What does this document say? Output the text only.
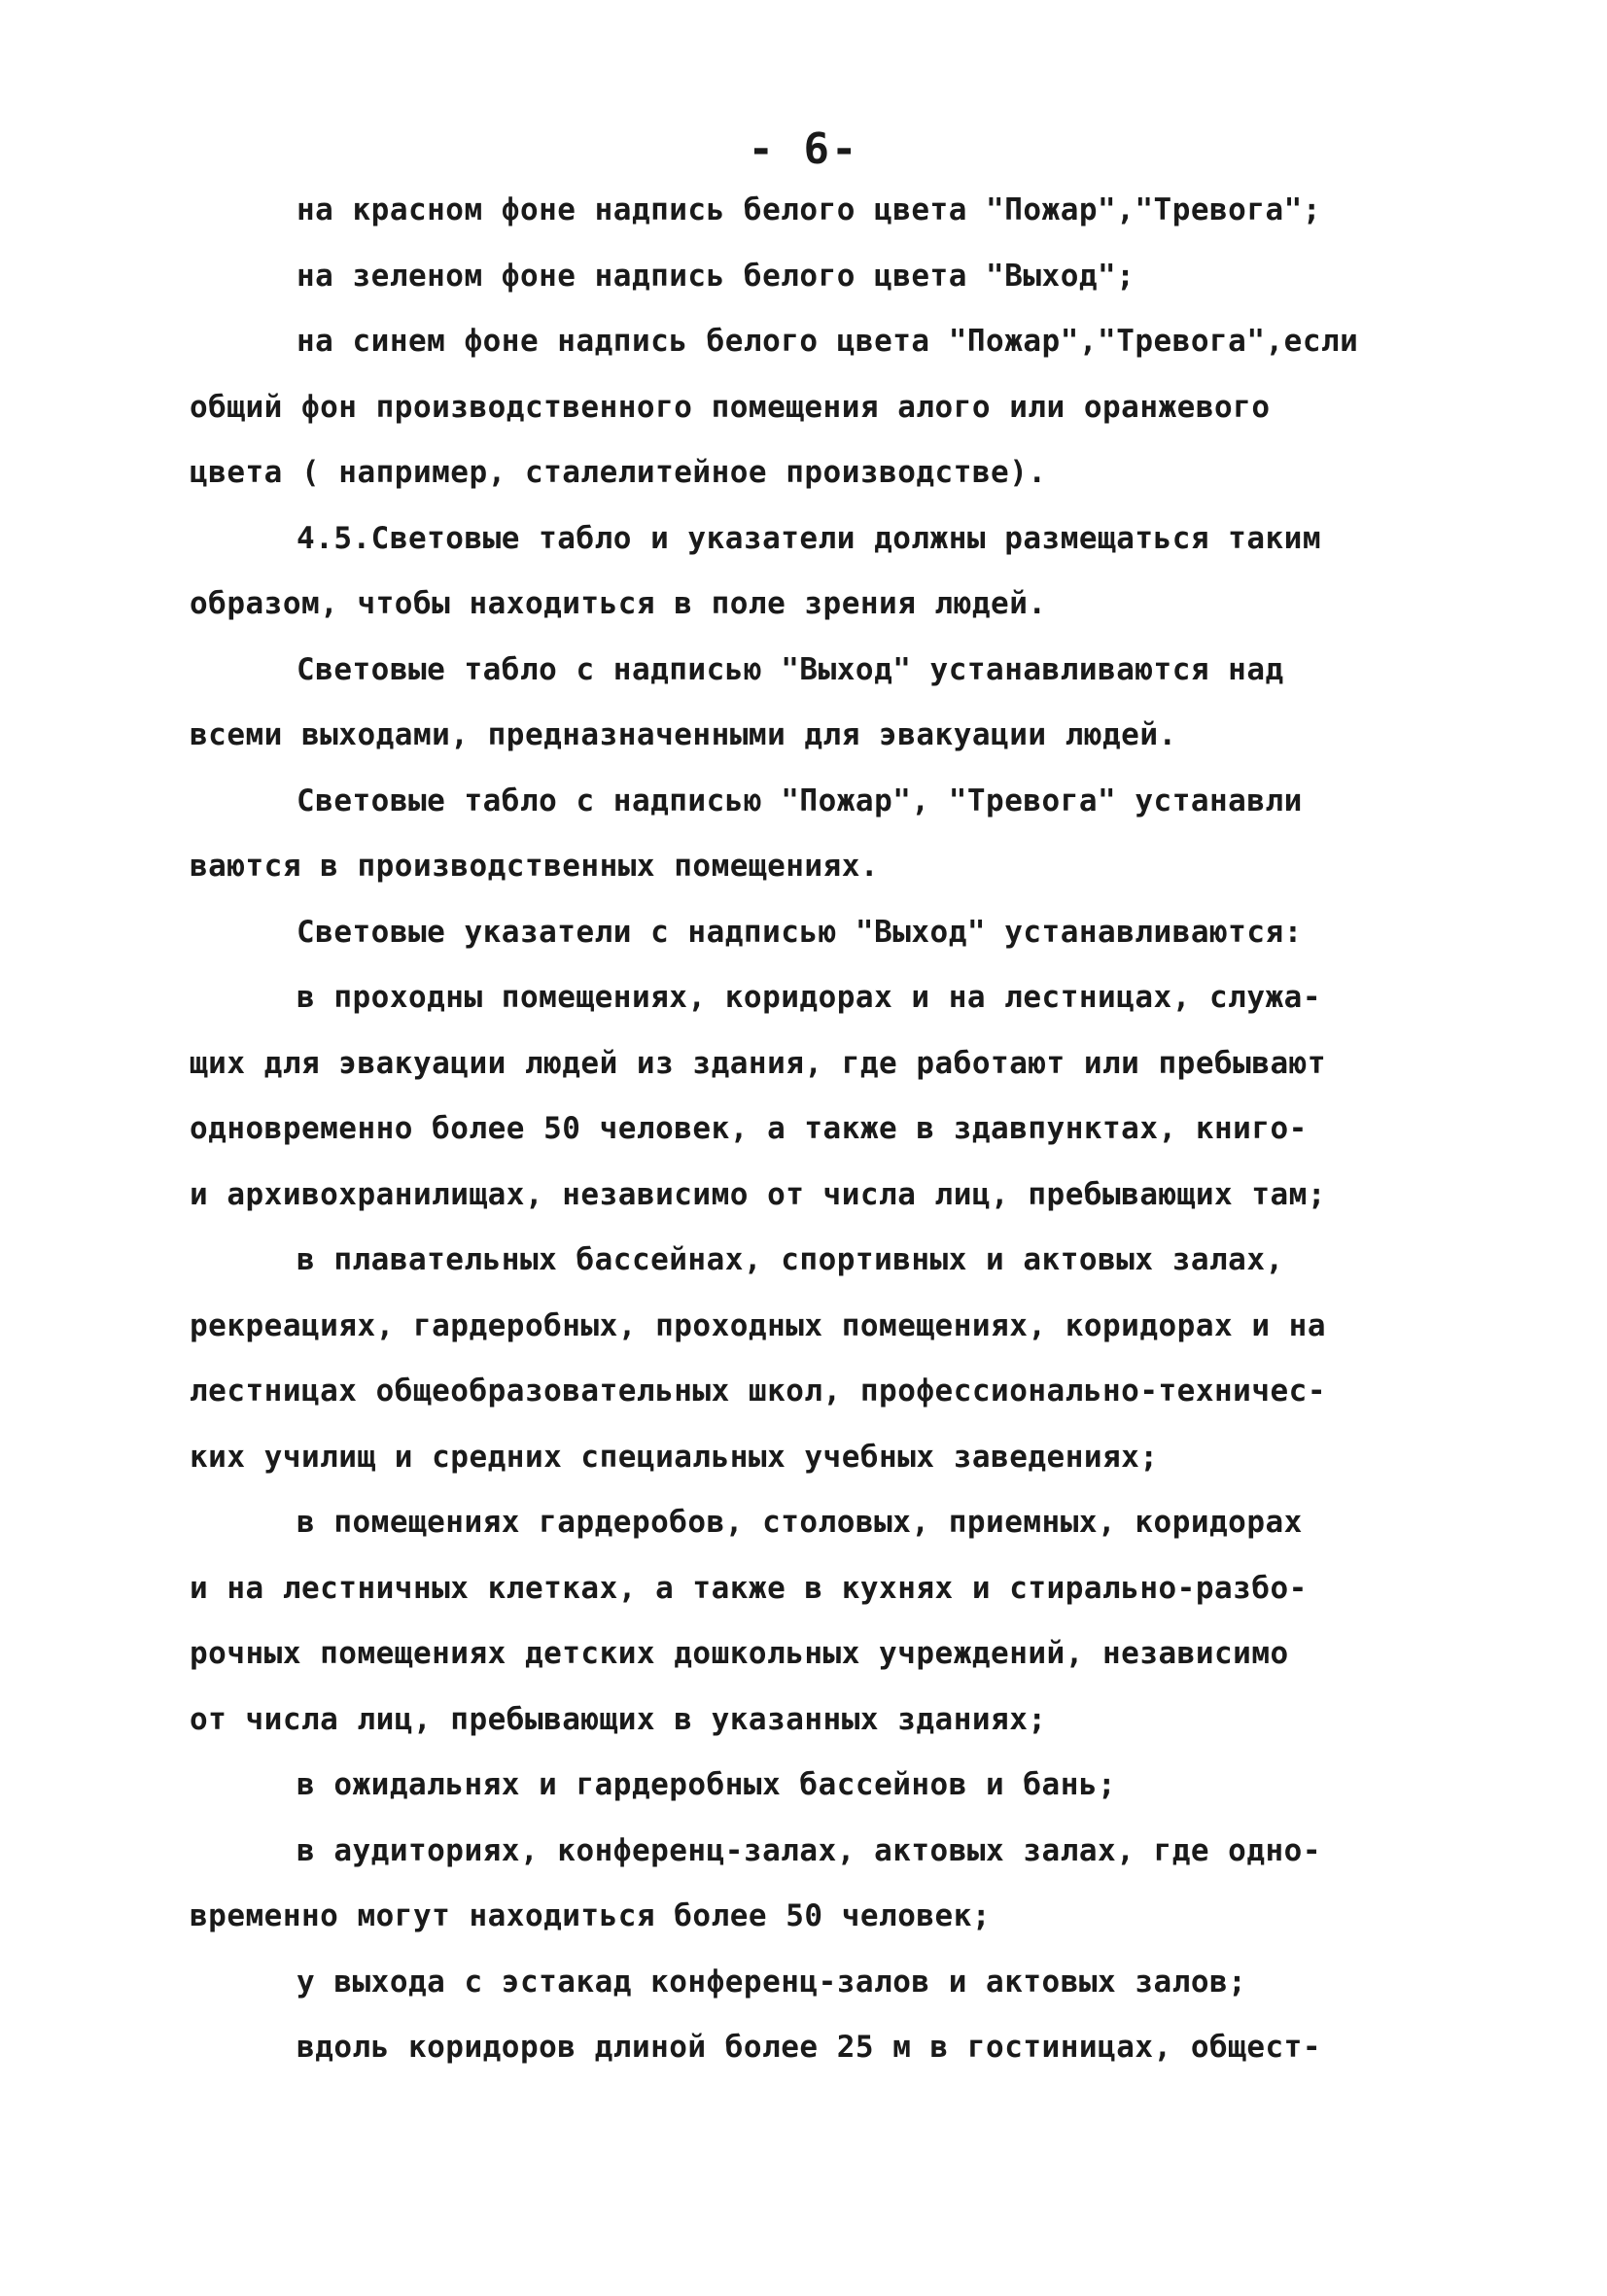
- 6-
на красном фоне надпись белого цвета "Пожар","Тревога";
на зеленом фоне надпись белого цвета "Выход";
на синем фоне надпись белого цвета "Пожар","Тревога",если
общий фон производственного помещения алого или оранжевого
цвета ( например, сталелитейное производстве).
4.5.Световые табло и указатели должны размещаться таким
образом, чтобы находиться в поле зрения людей.
Световые табло с надписью "Выход" устанавливаются над
всеми выходами, предназначенными для эвакуации людей.
Световые табло с надписью "Пожар", "Тревога" устанавли
ваются в производственных помещениях.
Световые указатели с надписью "Выход" устанавливаются:
в проходны помещениях, коридорах и на лестницах, служа-
щих для эвакуации людей из здания, где работают или пребывают
одновременно более 50 человек, а также в здавпунктах, книго-
и архивохранилищах, независимо от числа лиц, пребывающих там;
в плавательных бассейнах, спортивных и актовых залах,
рекреациях, гардеробных, проходных помещениях, коридорах и на
лестницах общеобразовательных школ, профессионально-техничес-
ких училищ и средних специальных учебных заведениях;
в помещениях гардеробов, столовых, приемных, коридорах
и на лестничных клетках, а также в кухнях и стирально-разбо-
рочных помещениях детских дошкольных учреждений, независимо
от числа лиц, пребывающих в указанных зданиях;
в ожидальнях и гардеробных бассейнов и бань;
в аудиториях, конференц-залах, актовых залах, где одно-
временно могут находиться более 50 человек;
у выхода с эстакад конференц-залов и актовых залов;
вдоль коридоров длиной более 25 м в гостиницах, общест-
